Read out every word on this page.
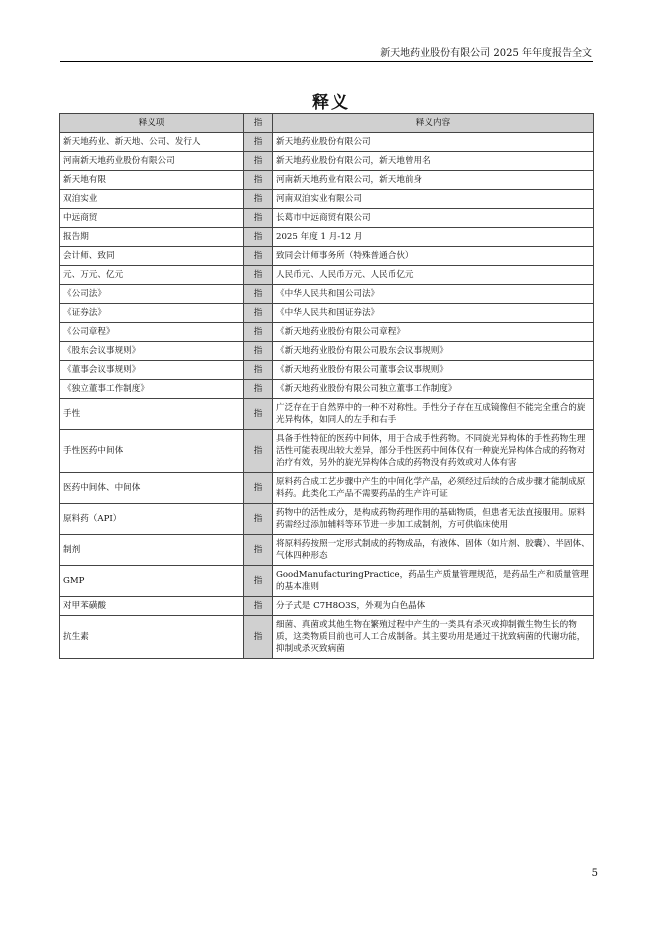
新天地药业股份有限公司 2025 年年度报告全文
释义
释义项	指	释义内容
新天地药业、新天地、公司、发行人	指	新天地药业股份有限公司
河南新天地药业股份有限公司	指	新天地药业股份有限公司，新天地曾用名
新天地有限	指	河南新天地药业有限公司，新天地前身
双洎实业	指	河南双洎实业有限公司
中远商贸	指	长葛市中远商贸有限公司
报告期	指	2025 年度 1 月-12 月
会计师、致同	指	致同会计师事务所（特殊普通合伙）
元、万元、亿元	指	人民币元、人民币万元、人民币亿元
《公司法》	指	《中华人民共和国公司法》
《证券法》	指	《中华人民共和国证券法》
《公司章程》	指	《新天地药业股份有限公司章程》
《股东会议事规则》	指	《新天地药业股份有限公司股东会议事规则》
《董事会议事规则》	指	《新天地药业股份有限公司董事会议事规则》
《独立董事工作制度》	指	《新天地药业股份有限公司独立董事工作制度》
手性	指	广泛存在于自然界中的一种不对称性。手性分子存在互成镜像但不能完全重合的旋光异构体，如同人的左手和右手
手性医药中间体	指	具备手性特征的医药中间体，用于合成手性药物。不同旋光异构体的手性药物生理活性可能表现出较大差异，部分手性医药中间体仅有一种旋光异构体合成的药物对治疗有效，另外的旋光异构体合成的药物没有药效或对人体有害
医药中间体、中间体	指	原料药合成工艺步骤中产生的中间化学产品，必须经过后续的合成步骤才能制成原料药。此类化工产品不需要药品的生产许可证
原料药（API）	指	药物中的活性成分，是构成药物药理作用的基础物质，但患者无法直接服用。原料药需经过添加辅料等环节进一步加工成制剂，方可供临床使用
制剂	指	将原料药按照一定形式制成的药物成品，有液体、固体（如片剂、胶囊）、半固体、气体四种形态
GMP	指	GoodManufacturingPractice，药品生产质量管理规范，是药品生产和质量管理的基本准则
对甲苯磺酸	指	分子式是 C7H8O3S，外观为白色晶体
抗生素	指	细菌、真菌或其他生物在繁殖过程中产生的一类具有杀灭或抑制微生物生长的物质，这类物质目前也可人工合成制备。其主要功用是通过干扰致病菌的代谢功能，抑制或杀灭致病菌
5
